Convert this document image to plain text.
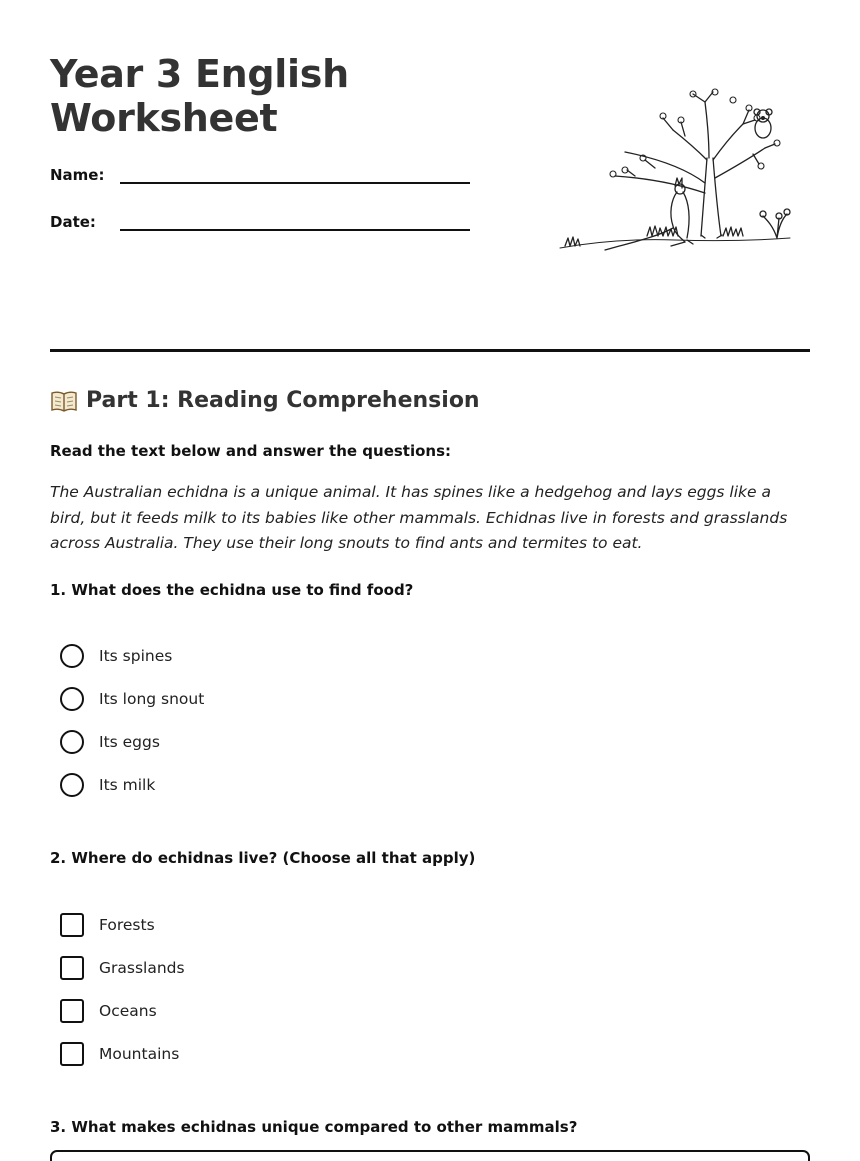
Year 3 English
Worksheet
Name:
Date:
Part 1: Reading Comprehension

Read the text below and answer the questions:

The Australian echidna is a unique animal. It has spines like a hedgehog and lays eggs like a bird, but it feeds milk to its babies like other mammals. Echidnas live in forests and grasslands across Australia. They use their long snouts to find ants and termites to eat.

1. What does the echidna use to find food?

Its spines
Its long snout
Its eggs
Its milk

2. Where do echidnas live? (Choose all that apply)

Forests
Grasslands
Oceans
Mountains

3. What makes echidnas unique compared to other mammals?
